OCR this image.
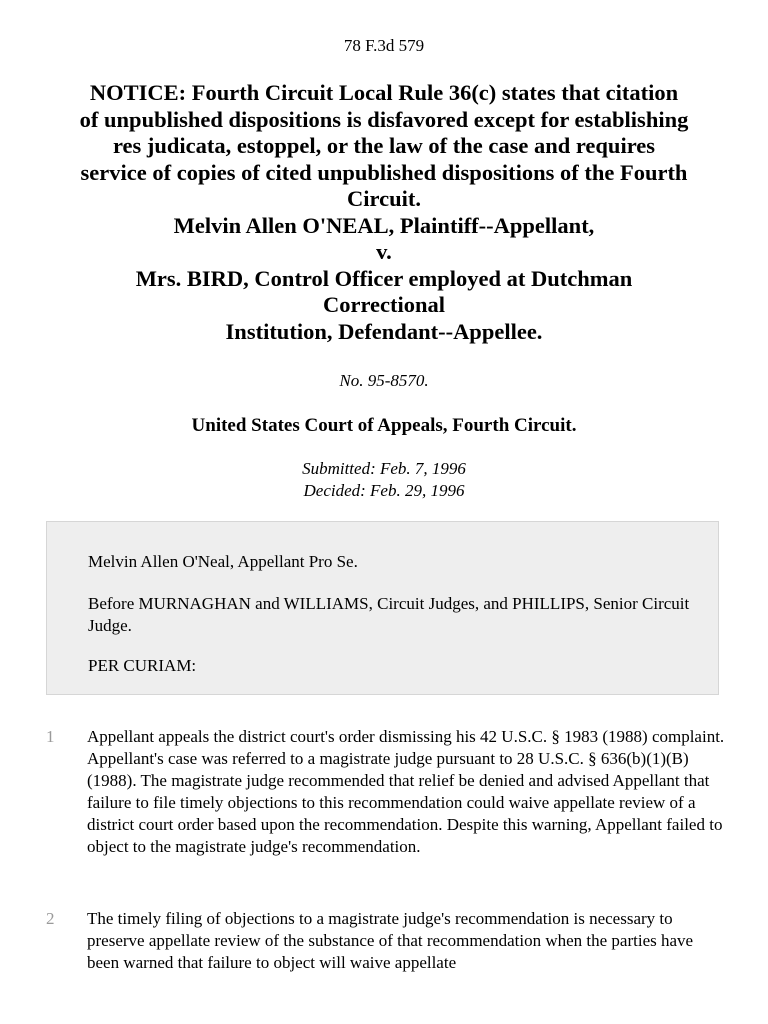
78 F.3d 579
NOTICE: Fourth Circuit Local Rule 36(c) states that citation
of unpublished dispositions is disfavored except for establishing
res judicata, estoppel, or the law of the case and requires
service of copies of cited unpublished dispositions of the Fourth
Circuit.
Melvin Allen O'NEAL, Plaintiff--Appellant,
v.
Mrs. BIRD, Control Officer employed at Dutchman
Correctional
Institution, Defendant--Appellee.
No. 95-8570.
United States Court of Appeals, Fourth Circuit.
Submitted: Feb. 7, 1996
Decided: Feb. 29, 1996

Melvin Allen O'Neal, Appellant Pro Se.

Before MURNAGHAN and WILLIAMS, Circuit Judges, and PHILLIPS, Senior Circuit Judge.

PER CURIAM:

1	Appellant appeals the district court's order dismissing his 42 U.S.C. § 1983 (1988) complaint. Appellant's case was referred to a magistrate judge pursuant to 28 U.S.C. § 636(b)(1)(B) (1988). The magistrate judge recommended that relief be denied and advised Appellant that failure to file timely objections to this recommendation could waive appellate review of a district court order based upon the recommendation. Despite this warning, Appellant failed to object to the magistrate judge's recommendation.

2	The timely filing of objections to a magistrate judge's recommendation is necessary to preserve appellate review of the substance of that recommendation when the parties have been warned that failure to object will waive appellate
